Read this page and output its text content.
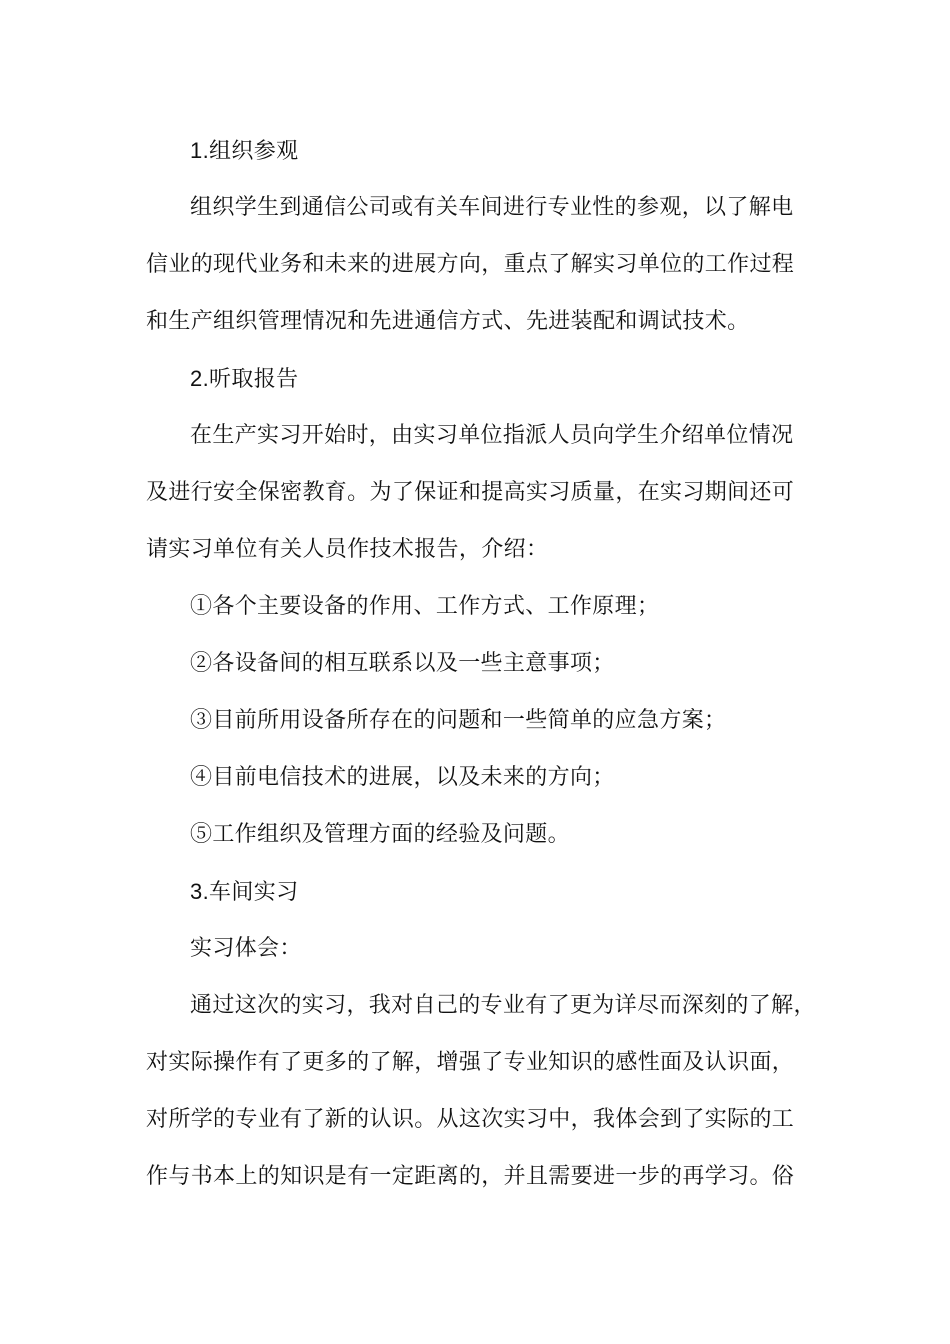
1.组织参观
组织学生到通信公司或有关车间进行专业性的参观，以了解电
信业的现代业务和未来的进展方向，重点了解实习单位的工作过程
和生产组织管理情况和先进通信方式、先进装配和调试技术。
2.听取报告
在生产实习开始时，由实习单位指派人员向学生介绍单位情况
及进行安全保密教育。为了保证和提高实习质量，在实习期间还可
请实习单位有关人员作技术报告，介绍：
①各个主要设备的作用、工作方式、工作原理；
②各设备间的相互联系以及一些主意事项；
③目前所用设备所存在的问题和一些简单的应急方案；
④目前电信技术的进展，以及未来的方向；
⑤工作组织及管理方面的经验及问题。
3.车间实习
实习体会：
通过这次的实习，我对自己的专业有了更为详尽而深刻的了解，
对实际操作有了更多的了解，增强了专业知识的感性面及认识面，
对所学的专业有了新的认识。从这次实习中，我体会到了实际的工
作与书本上的知识是有一定距离的，并且需要进一步的再学习。俗
